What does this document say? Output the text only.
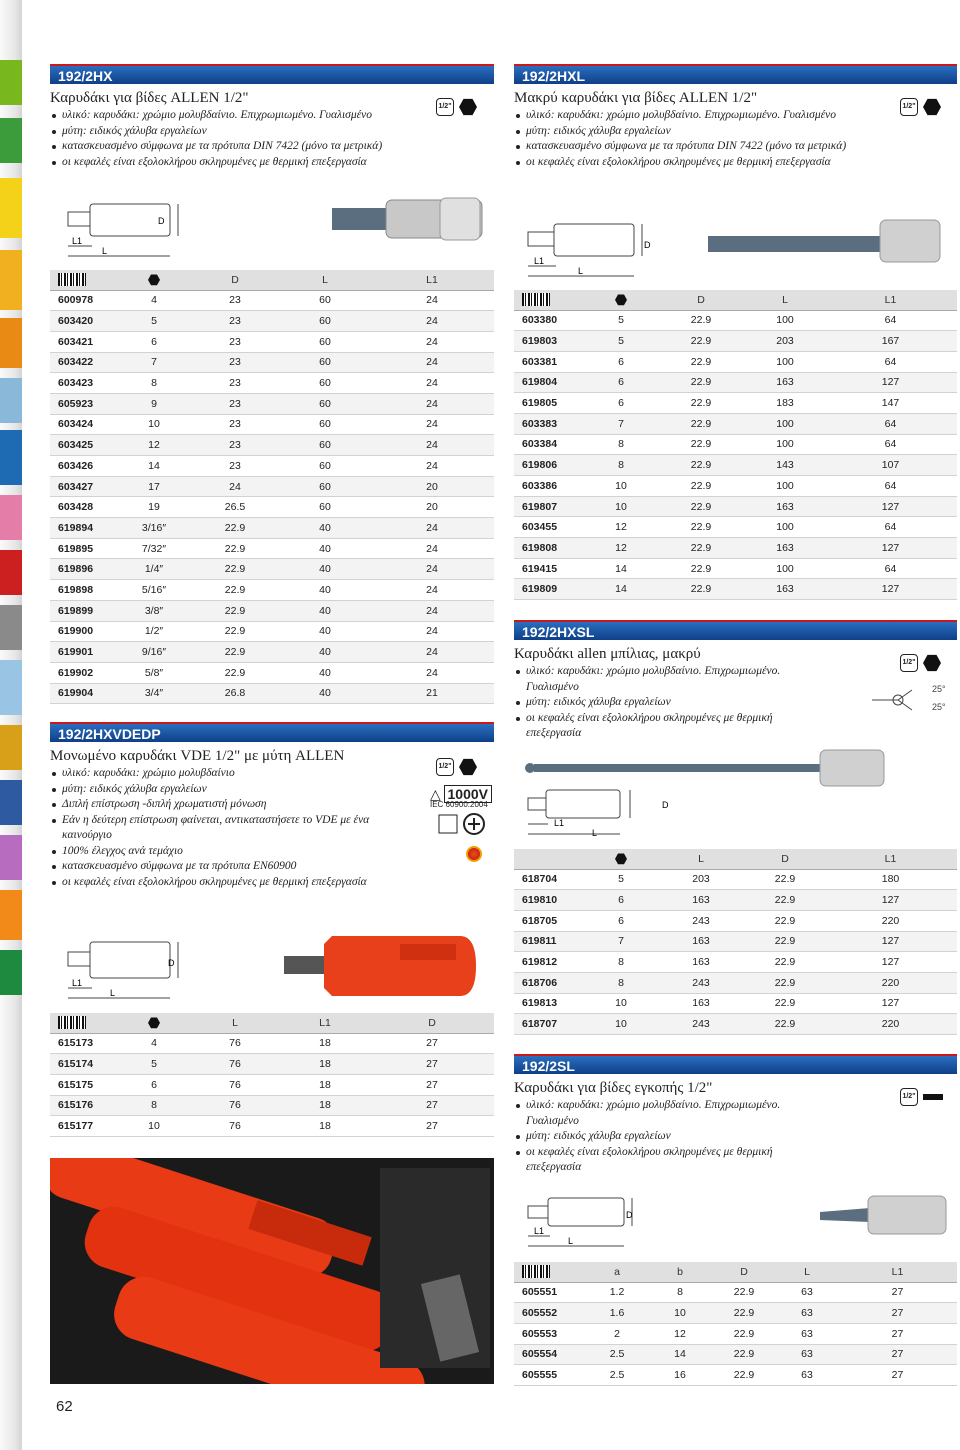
192/2HX
Καρυδάκι για βίδες ALLEN 1/2"
υλικό: καρυδάκι: χρώμιο μολυβδαίνιο. Επιχρωμιωμένο. Γυαλισμένο
μύτη: ειδικός χάλυβα εργαλείων
κατασκευασμένο σύμφωνα με τα πρότυπα DIN 7422 (μόνο τα μετρικά)
οι κεφαλές είναι εξολοκλήρου σκληρυμένες με θερμική επεξεργασία
1/2"
L1
L
D
		D	L	L1
600978	4	23	60	24
603420	5	23	60	24
603421	6	23	60	24
603422	7	23	60	24
603423	8	23	60	24
605923	9	23	60	24
603424	10	23	60	24
603425	12	23	60	24
603426	14	23	60	24
603427	17	24	60	20
603428	19	26.5	60	20
619894	3/16″	22.9	40	24
619895	7/32″	22.9	40	24
619896	1/4″	22.9	40	24
619898	5/16″	22.9	40	24
619899	3/8″	22.9	40	24
619900	1/2″	22.9	40	24
619901	9/16″	22.9	40	24
619902	5/8″	22.9	40	24
619904	3/4″	26.8	40	21
192/2HXVDEDP
Μονωμένο καρυδάκι VDE 1/2" με μύτη ALLEN
υλικό: καρυδάκι: χρώμιο μολυβδαίνιο
μύτη: ειδικός χάλυβα εργαλείων
Διπλή επίστρωση -διπλή χρωματιστή μόνωση
Εάν η δεύτερη επίστρωση φαίνεται, αντικαταστήσετε το VDE με ένα καινούργιο
100% έλεγχος ανά τεμάχιο
κατασκευασμένο σύμφωνα με τα πρότυπα EN60900
οι κεφαλές είναι εξολοκλήρου σκληρυμένες με θερμική επεξεργασία
1/2"
△ 1000V
IEC 60900:2004
L1
L
D
		L	L1	D
615173	4	76	18	27
615174	5	76	18	27
615175	6	76	18	27
615176	8	76	18	27
615177	10	76	18	27
62
192/2HXL
Μακρύ καρυδάκι για βίδες ALLEN 1/2"
υλικό: καρυδάκι: χρώμιο μολυβδαίνιο. Επιχρωμιωμένο. Γυαλισμένο
μύτη: ειδικός χάλυβα εργαλείων
κατασκευασμένο σύμφωνα με τα πρότυπα DIN 7422 (μόνο τα μετρικά)
οι κεφαλές είναι εξολοκλήρου σκληρυμένες με θερμική επεξεργασία
1/2"
L1
L
D
		D	L	L1
603380	5	22.9	100	64
619803	5	22.9	203	167
603381	6	22.9	100	64
619804	6	22.9	163	127
619805	6	22.9	183	147
603383	7	22.9	100	64
603384	8	22.9	100	64
619806	8	22.9	143	107
603386	10	22.9	100	64
619807	10	22.9	163	127
603455	12	22.9	100	64
619808	12	22.9	163	127
619415	14	22.9	100	64
619809	14	22.9	163	127
192/2HXSL
Καρυδάκι allen μπίλιας, μακρύ
υλικό: καρυδάκι: χρώμιο μολυβδαίνιο. Επιχρωμιωμένο. Γυαλισμένο
μύτη: ειδικός χάλυβα εργαλείων
οι κεφαλές είναι εξολοκλήρου σκληρυμένες με θερμική επεξεργασία
1/2"
25°
25°
L1
L
D
		L	D	L1
618704	5	203	22.9	180
619810	6	163	22.9	127
618705	6	243	22.9	220
619811	7	163	22.9	127
619812	8	163	22.9	127
618706	8	243	22.9	220
619813	10	163	22.9	127
618707	10	243	22.9	220
192/2SL
Καρυδάκι για βίδες εγκοπής 1/2"
υλικό: καρυδάκι: χρώμιο μολυβδαίνιο. Επιχρωμιωμένο. Γυαλισμένο
μύτη: ειδικός χάλυβα εργαλείων
οι κεφαλές είναι εξολοκλήρου σκληρυμένες με θερμική επεξεργασία
1/2"
L1
L
D
	a	b	D	L	L1
605551	1.2	8	22.9	63	27
605552	1.6	10	22.9	63	27
605553	2	12	22.9	63	27
605554	2.5	14	22.9	63	27
605555	2.5	16	22.9	63	27
